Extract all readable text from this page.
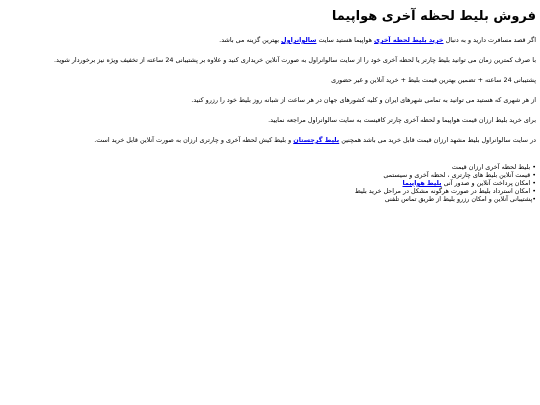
فروش بلیط لحظه آخری هواپیما

اگر قصد مسافرت دارید و به دنبال خرید بلیط لحظه آخری هواپیما هستید سایت سالوانراول بهترین گزینه می باشد.

با صرف کمترین زمان می توانید بلیط چارتر یا لحظه آخری خود را از سایت سالوانراول به صورت آنلاین خریداری کنید و علاوه بر پشتیبانی 24 ساعته از تخفیف ویژه نیز برخوردار شوید.

پشتیبانی 24 ساعته + تضمین بهترین قیمت بلیط + خرید آنلاین و غیر حضوری

از هر شهری که هستید می توانید به تمامی شهرهای ایران و کلیه کشورهای جهان در هر ساعت از شبانه روز بلیط خود را رزرو کنید.

برای خرید بلیط ارزان قیمت هواپیما و لحظه آخری چارتر کافیست به سایت سالوانراول مراجعه نمایید.

در سایت سالوانراول بلیط مشهد ارزان قیمت قابل خرید می باشد همچنین بلیط گرجستان و بلیط کیش لحظه آخری و چارتری ارزان به صورت آنلاین قابل خرید است.

• بلیط لحظه آخری ارزان قیمت
• قیمت آنلاین بلیط های چارتری ، لحظه آخری و سیستمی
• امکان پرداخت آنلاین و صدور آنی بلیط هواپیما
• امکان استرداد بلیط در صورت هرگونه مشکل در مراحل خرید بلیط
•پشتیبانی آنلاین و امکان رزرو بلیط از طریق تماس تلفنی
